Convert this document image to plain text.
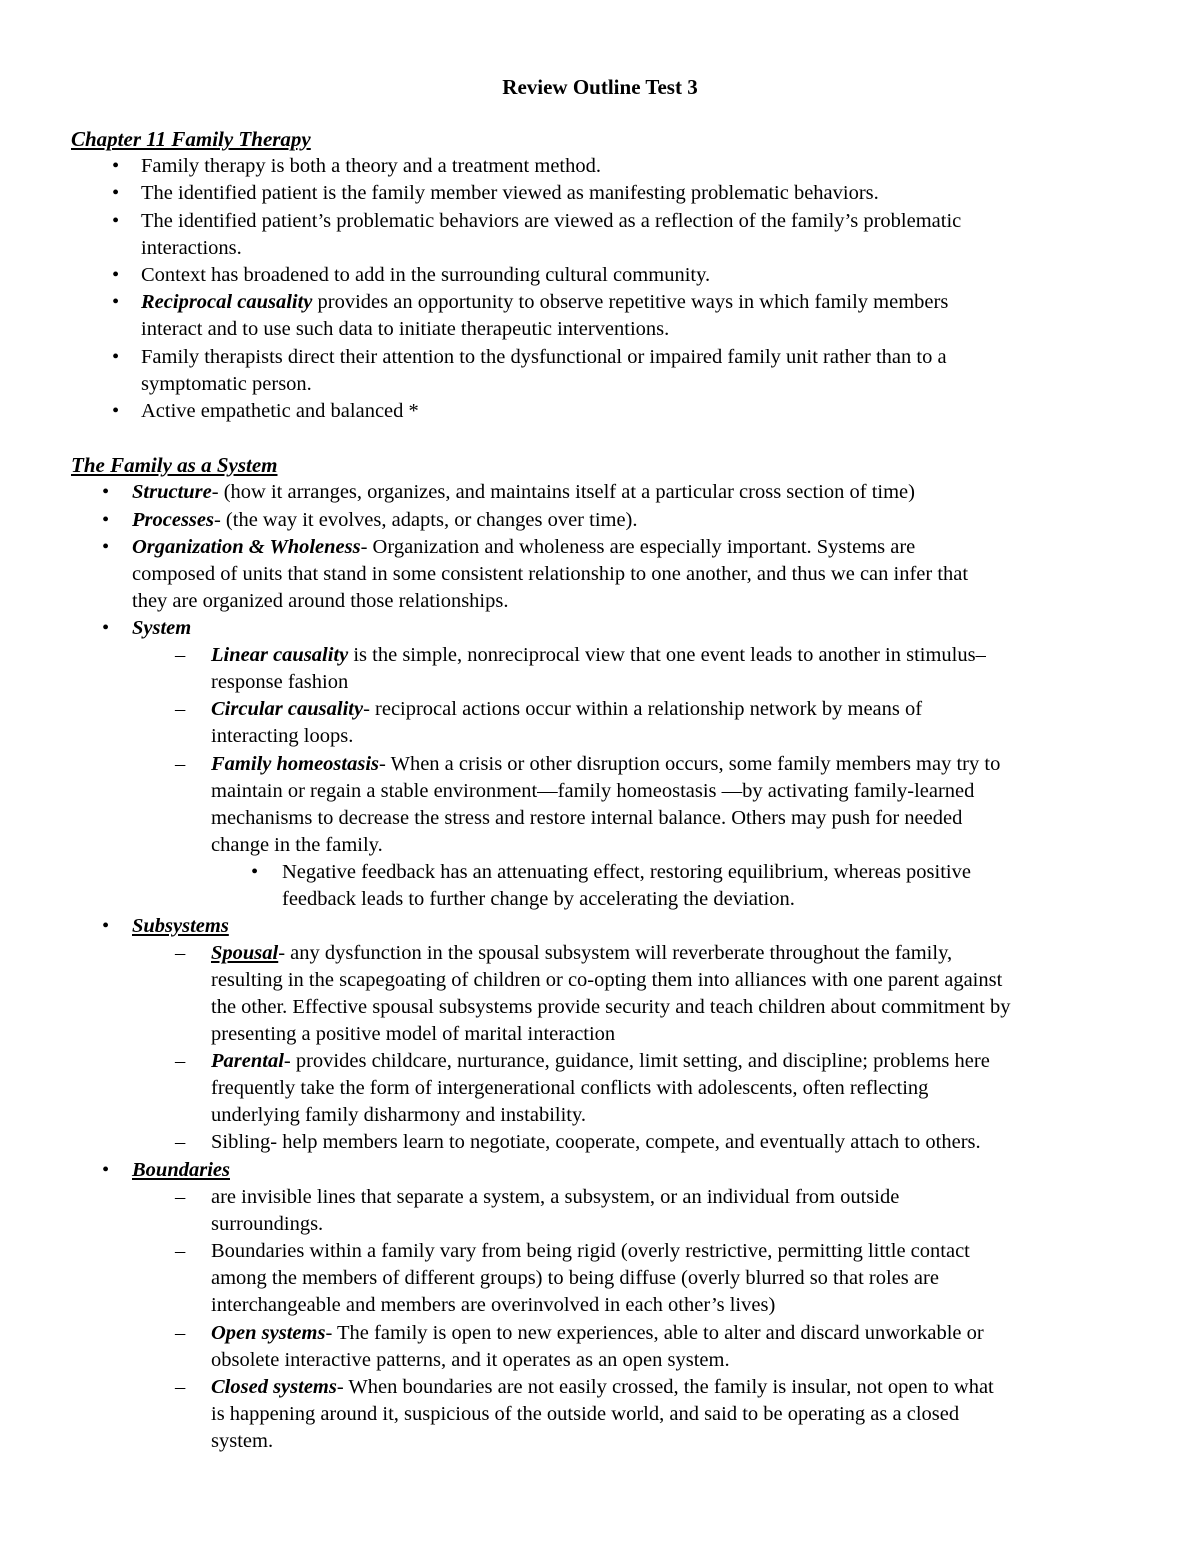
Review Outline Test 3
Chapter 11 Family Therapy
• Family therapy is both a theory and a treatment method.
• The identified patient is the family member viewed as manifesting problematic behaviors.
• The identified patient’s problematic behaviors are viewed as a reflection of the family’s problematic
interactions.
• Context has broadened to add in the surrounding cultural community.
• Reciprocal causality provides an opportunity to observe repetitive ways in which family members
interact and to use such data to initiate therapeutic interventions.
• Family therapists direct their attention to the dysfunctional or impaired family unit rather than to a
symptomatic person.
• Active empathetic and balanced *
The Family as a System
• Structure- (how it arranges, organizes, and maintains itself at a particular cross section of time)
• Processes- (the way it evolves, adapts, or changes over time).
• Organization & Wholeness- Organization and wholeness are especially important. Systems are
composed of units that stand in some consistent relationship to one another, and thus we can infer that
they are organized around those relationships.
• System
– Linear causality is the simple, nonreciprocal view that one event leads to another in stimulus–
response fashion
– Circular causality- reciprocal actions occur within a relationship network by means of
interacting loops.
– Family homeostasis- When a crisis or other disruption occurs, some family members may try to
maintain or regain a stable environment—family homeostasis —by activating family-learned
mechanisms to decrease the stress and restore internal balance. Others may push for needed
change in the family.
• Negative feedback has an attenuating effect, restoring equilibrium, whereas positive
feedback leads to further change by accelerating the deviation.
• Subsystems
– Spousal- any dysfunction in the spousal subsystem will reverberate throughout the family,
resulting in the scapegoating of children or co-opting them into alliances with one parent against
the other. Effective spousal subsystems provide security and teach children about commitment by
presenting a positive model of marital interaction
– Parental- provides childcare, nurturance, guidance, limit setting, and discipline; problems here
frequently take the form of intergenerational conflicts with adolescents, often reflecting
underlying family disharmony and instability.
– Sibling- help members learn to negotiate, cooperate, compete, and eventually attach to others.
• Boundaries
– are invisible lines that separate a system, a subsystem, or an individual from outside
surroundings.
– Boundaries within a family vary from being rigid (overly restrictive, permitting little contact
among the members of different groups) to being diffuse (overly blurred so that roles are
interchangeable and members are overinvolved in each other’s lives)
– Open systems- The family is open to new experiences, able to alter and discard unworkable or
obsolete interactive patterns, and it operates as an open system.
– Closed systems- When boundaries are not easily crossed, the family is insular, not open to what
is happening around it, suspicious of the outside world, and said to be operating as a closed
system.
